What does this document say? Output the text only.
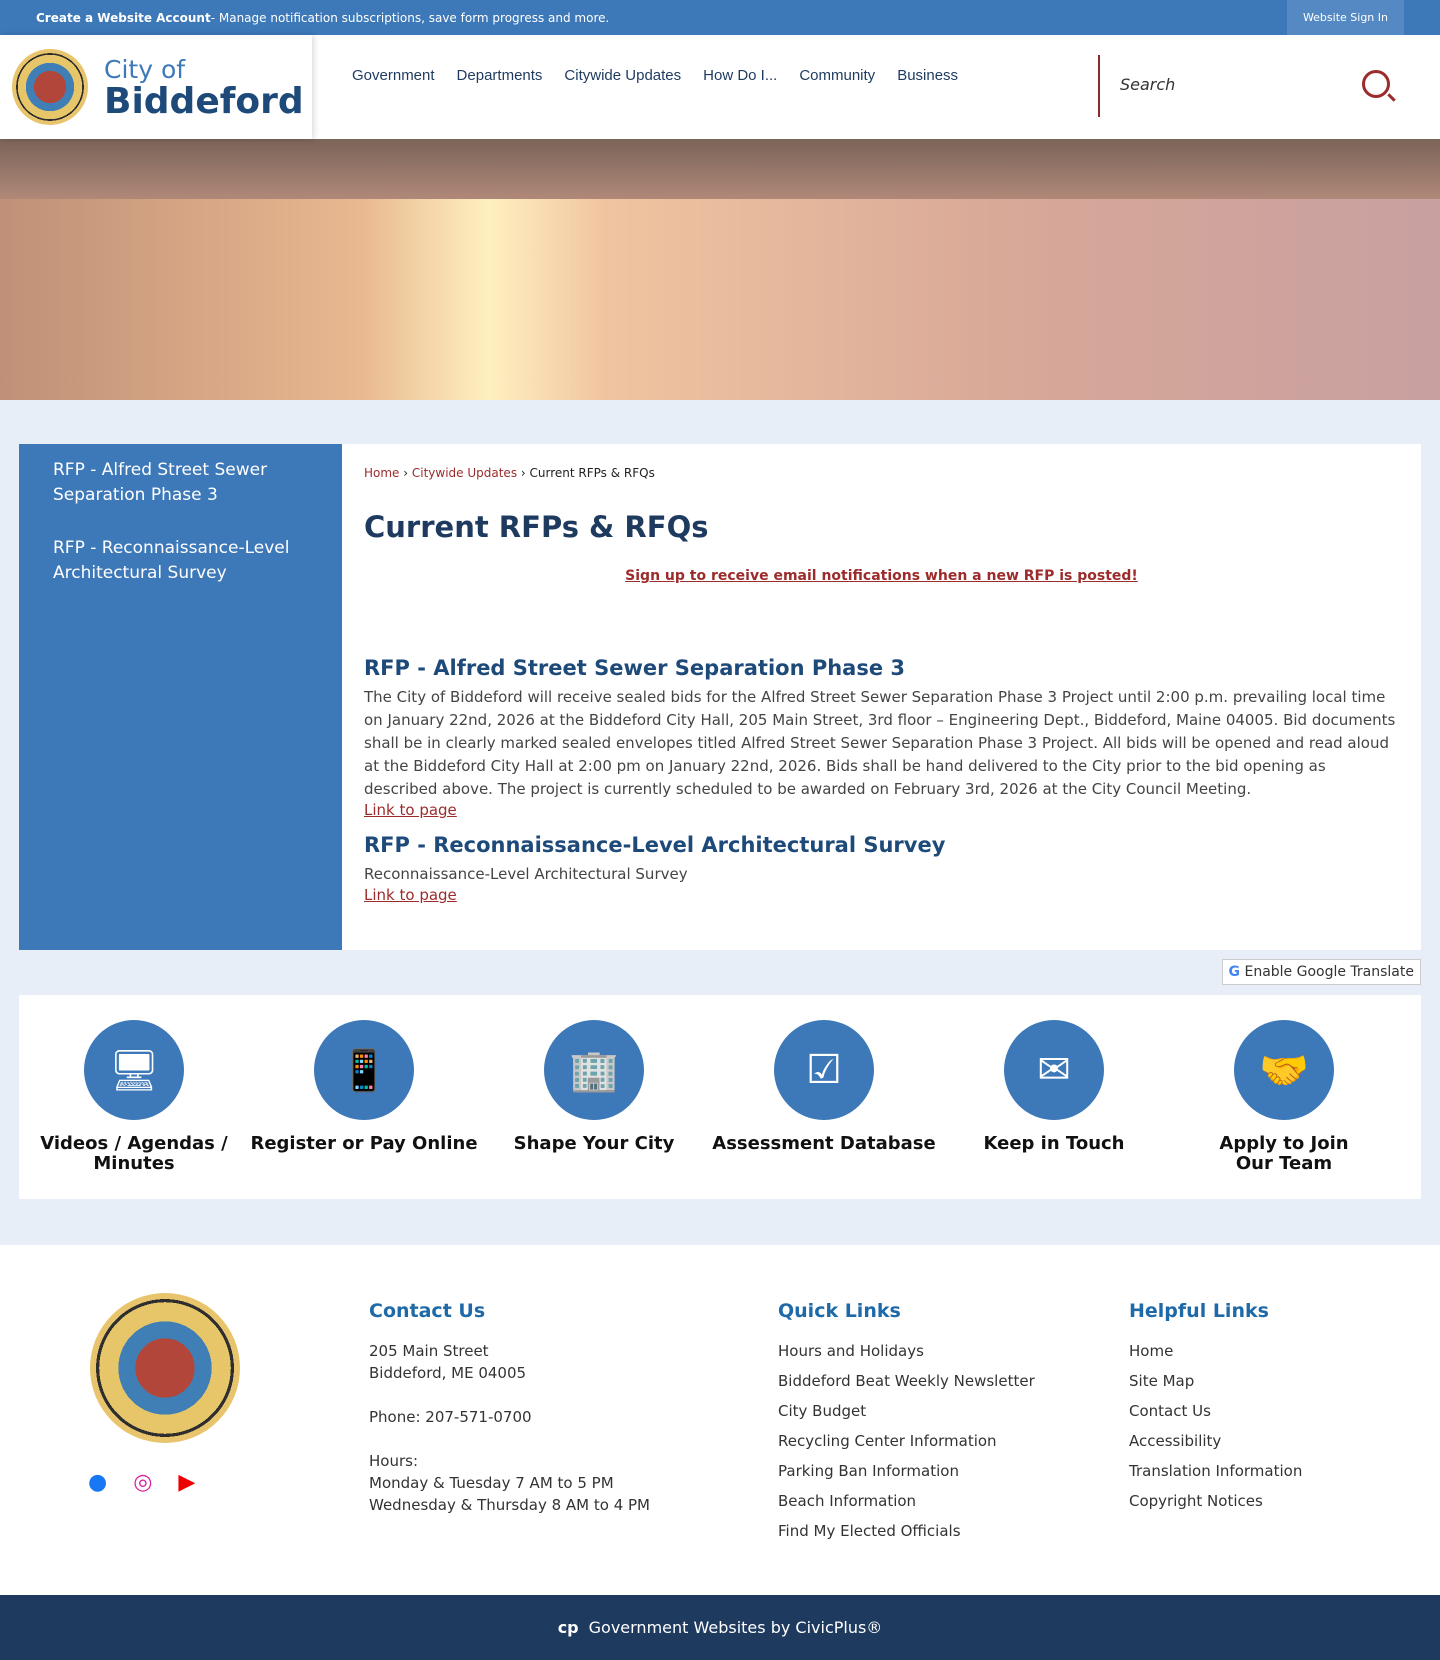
Create a Website Account - Manage notification subscriptions, save form progress and more.	Website Sign In
City of
Biddeford
Government Departments Citywide Updates How Do I... Community Business	Search
RFP - Alfred Street Sewer Separation Phase 3
RFP - Reconnaissance-Level Architectural Survey
Home › Citywide Updates › Current RFPs & RFQs
Current RFPs & RFQs
Sign up to receive email notifications when a new RFP is posted!
RFP - Alfred Street Sewer Separation Phase 3
The City of Biddeford will receive sealed bids for the Alfred Street Sewer Separation Phase 3 Project until 2:00 p.m. prevailing local time on January 22nd, 2026 at the Biddeford City Hall, 205 Main Street, 3rd floor – Engineering Dept., Biddeford, Maine 04005. Bid documents shall be in clearly marked sealed envelopes titled Alfred Street Sewer Separation Phase 3 Project. All bids will be opened and read aloud at the Biddeford City Hall at 2:00 pm on January 22nd, 2026. Bids shall be hand delivered to the City prior to the bid opening as described above. The project is currently scheduled to be awarded on February 3rd, 2026 at the City Council Meeting.
Link to page
RFP - Reconnaissance-Level Architectural Survey
Reconnaissance-Level Architectural Survey
Link to page
🖥
Videos / Agendas / Minutes
📱
Register or Pay Online
🏢
Shape Your City
☑
Assessment Database
✉
Keep in Touch
🤝
Apply to Join Our Team
G Enable Google Translate
● ◎ ▶
Contact Us
205 Main Street
Biddeford, ME 04005

Phone: 207-571-0700

Hours:
Monday & Tuesday 7 AM to 5 PM
Wednesday & Thursday 8 AM to 4 PM
Quick Links
Hours and Holidays
Biddeford Beat Weekly Newsletter
City Budget
Recycling Center Information
Parking Ban Information
Beach Information
Find My Elected Officials
Helpful Links
Home
Site Map
Contact Us
Accessibility
Translation Information
Copyright Notices
cp Government Websites by CivicPlus®
